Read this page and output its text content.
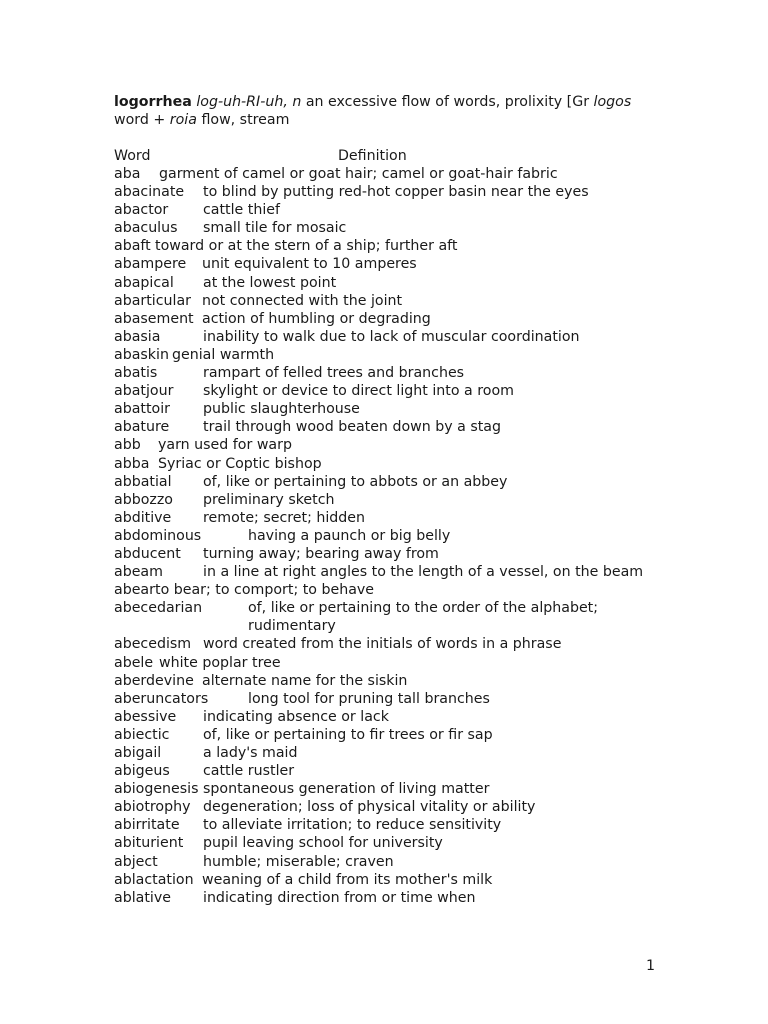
logorrhea log-uh-RI-uh, n an excessive flow of words, prolixity [Gr logos word + roia flow, stream
Word	Definition
aba	garment of camel or goat hair; camel or goat-hair fabric
abacinate	to blind by putting red-hot copper basin near the eyes
abactor	cattle thief
abaculus	small tile for mosaic
abaft toward or at the stern of a ship; further aft
abampere	unit equivalent to 10 amperes
abapical	at the lowest point
abarticular not connected with the joint
abasement action of humbling or degrading
abasia	inability to walk due to lack of muscular coordination
abaskin genial warmth
abatis	rampart of felled trees and branches
abatjour	skylight or device to direct light into a room
abattoir	public slaughterhouse
abature	trail through wood beaten down by a stag
abb	yarn used for warp
abba Syriac or Coptic bishop
abbatial	of, like or pertaining to abbots or an abbey
abbozzo	preliminary sketch
abditive	remote; secret; hidden
abdominous	having a paunch or big belly
abducent	turning away; bearing away from
abeam	in a line at right angles to the length of a vessel, on the beam
abear to bear; to comport; to behave
abecedarian	of, like or pertaining to the order of the alphabet; rudimentary
abecedism word created from the initials of words in a phrase
abele white poplar tree
aberdevine alternate name for the siskin
aberuncators	long tool for pruning tall branches
abessive	indicating absence or lack
abiectic	of, like or pertaining to fir trees or fir sap
abigail	a lady's maid
abigeus	cattle rustler
abiogenesis spontaneous generation of living matter
abiotrophy degeneration; loss of physical vitality or ability
abirritate	to alleviate irritation; to reduce sensitivity
abiturient	pupil leaving school for university
abject	humble; miserable; craven
ablactation weaning of a child from its mother's milk
ablative	indicating direction from or time when
1
